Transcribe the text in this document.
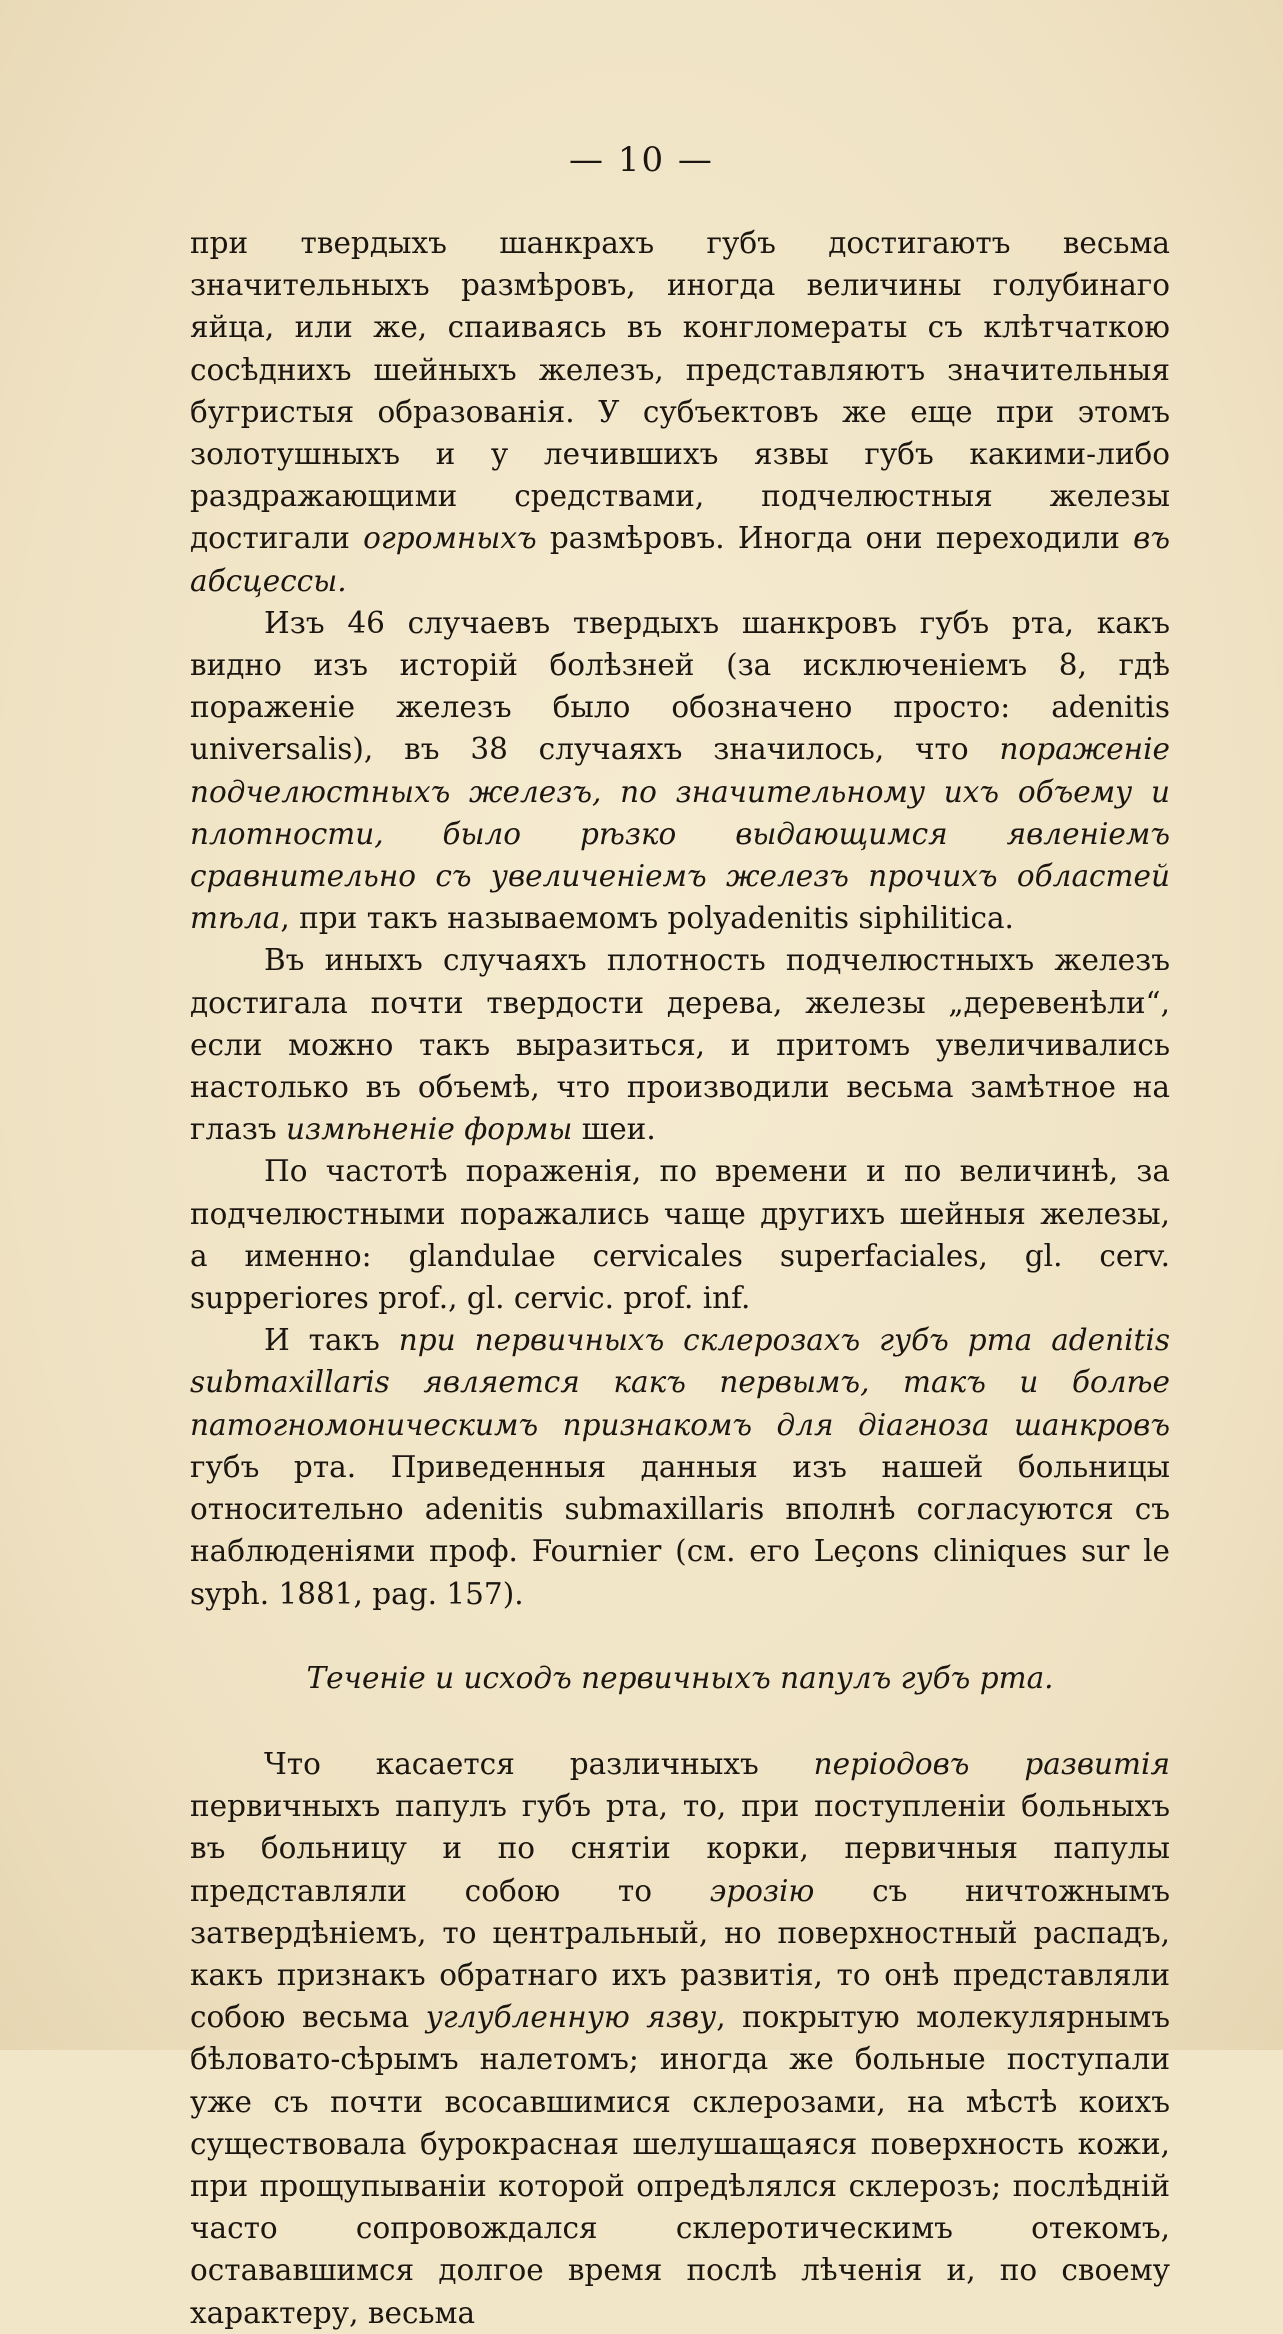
— 10 —

при твердыхъ шанкрахъ губъ достигаютъ весьма значительныхъ размѣровъ, иногда величины голубинаго яйца, или же, спаиваясь въ конгломераты съ клѣтчаткою сосѣднихъ шейныхъ железъ, представляютъ значительныя бугристыя образованія. У субъектовъ же еще при этомъ золотушныхъ и у лечившихъ язвы губъ какими-либо раздражающими средствами, подчелюстныя железы достигали огромныхъ размѣровъ. Иногда они переходили въ абсцессы.

Изъ 46 случаевъ твердыхъ шанкровъ губъ рта, какъ видно изъ исторій болѣзней (за исключеніемъ 8, гдѣ пораженіе железъ было обозначено просто: adenitis universalis), въ 38 случаяхъ значилось, что пораженіе подчелюстныхъ железъ, по значительному ихъ объему и плотности, было рѣзко выдающимся явленіемъ сравнительно съ увеличеніемъ железъ прочихъ областей тѣла, при такъ называемомъ polyadenitis siphilitica.

Въ иныхъ случаяхъ плотность подчелюстныхъ железъ достигала почти твердости дерева, железы „деревенѣли“, если можно такъ выразиться, и притомъ увеличивались настолько въ объемѣ, что производили весьма замѣтное на глазъ измѣненіе формы шеи.

По частотѣ пораженія, по времени и по величинѣ, за подчелюстными поражались чаще другихъ шейныя железы, а именно: glandulae cervicales superfaciales, gl. cerv. suppeгiores prof., gl. cervic. prof. inf.

И такъ при первичныхъ склерозахъ губъ рта adenitis submaxillaris является какъ первымъ, такъ и болѣе патогномоническимъ признакомъ для діагноза шанкровъ губъ рта. Приведенныя данныя изъ нашей больницы относительно adenitis submaxillaris вполнѣ согласуются съ наблюденіями проф. Fournier (см. его Leçons cliniques sur le syph. 1881, pag. 157).

Теченіе и исходъ первичныхъ папулъ губъ рта.

Что касается различныхъ періодовъ развитія первичныхъ папулъ губъ рта, то, при поступленіи больныхъ въ больницу и по снятіи корки, первичныя папулы представляли собою то эрозію съ ничтожнымъ затвердѣніемъ, то центральный, но поверхностный распадъ, какъ признакъ обратнаго ихъ развитія, то онѣ представляли собою весьма углубленную язву, покрытую молекулярнымъ бѣловато-сѣрымъ налетомъ; иногда же больные поступали уже съ почти всосавшимися склерозами, на мѣстѣ коихъ существовала бурокрасная шелушащаяся поверхность кожи, при прощупываніи которой опредѣлялся склерозъ; послѣдній часто сопровождался склеротическимъ отекомъ, остававшимся долгое время послѣ лѣченія и, по своему характеру, весьма
